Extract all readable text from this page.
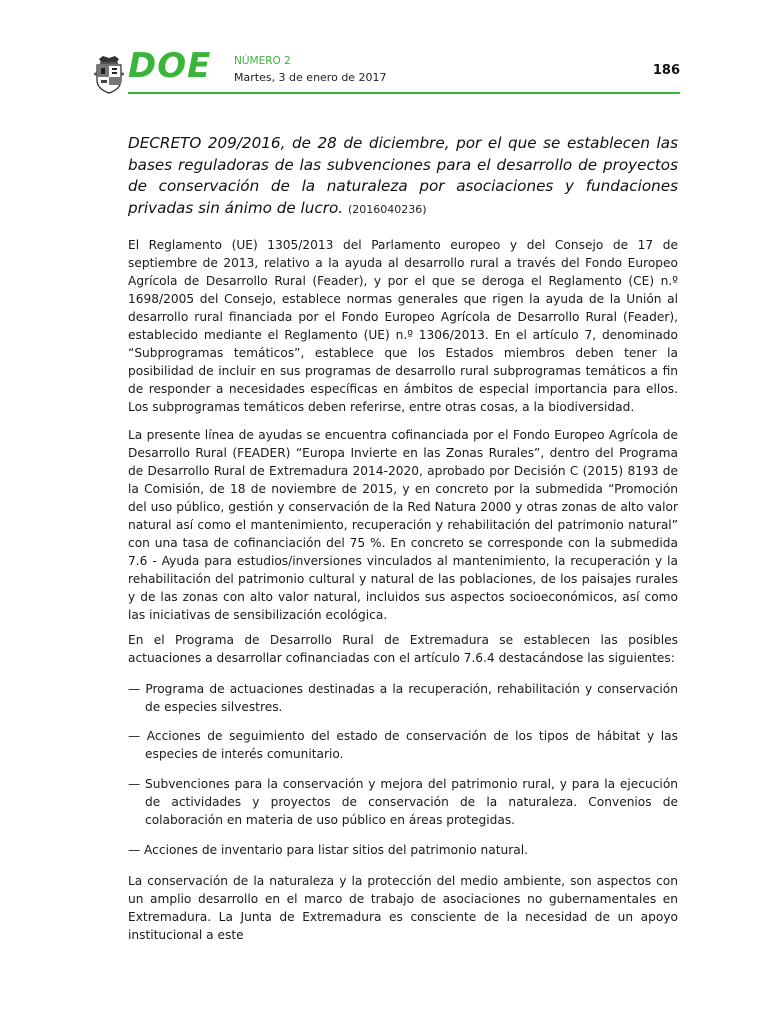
DOE NÚMERO 2
Martes, 3 de enero de 2017	186

DECRETO 209/2016, de 28 de diciembre, por el que se establecen las bases reguladoras de las subvenciones para el desarrollo de proyectos de conservación de la naturaleza por asociaciones y fundaciones privadas sin ánimo de lucro. (2016040236)

El Reglamento (UE) 1305/2013 del Parlamento europeo y del Consejo de 17 de septiembre de 2013, relativo a la ayuda al desarrollo rural a través del Fondo Europeo Agrícola de Desarrollo Rural (Feader), y por el que se deroga el Reglamento (CE) n.º 1698/2005 del Consejo, establece normas generales que rigen la ayuda de la Unión al desarrollo rural financiada por el Fondo Europeo Agrícola de Desarrollo Rural (Feader), establecido mediante el Reglamento (UE) n.º 1306/2013. En el artículo 7, denominado “Subprogramas temáticos”, establece que los Estados miembros deben tener la posibilidad de incluir en sus programas de desarrollo rural subprogramas temáticos a fin de responder a necesidades específicas en ámbitos de especial importancia para ellos. Los subprogramas temáticos deben referirse, entre otras cosas, a la biodiversidad.

La presente línea de ayudas se encuentra cofinanciada por el Fondo Europeo Agrícola de Desarrollo Rural (FEADER) “Europa Invierte en las Zonas Rurales”, dentro del Programa de Desarrollo Rural de Extremadura 2014-2020, aprobado por Decisión C (2015) 8193 de la Comisión, de 18 de noviembre de 2015, y en concreto por la submedida “Promoción del uso público, gestión y conservación de la Red Natura 2000 y otras zonas de alto valor natural así como el mantenimiento, recuperación y rehabilitación del patrimonio natural” con una tasa de cofinanciación del 75 %. En concreto se corresponde con la submedida 7.6 - Ayuda para estudios/inversiones vinculados al mantenimiento, la recuperación y la rehabilitación del patrimonio cultural y natural de las poblaciones, de los paisajes rurales y de las zonas con alto valor natural, incluidos sus aspectos socioeconómicos, así como las iniciativas de sensibilización ecológica.

En el Programa de Desarrollo Rural de Extremadura se establecen las posibles actuaciones a desarrollar cofinanciadas con el artículo 7.6.4 destacándose las siguientes:

— Programa de actuaciones destinadas a la recuperación, rehabilitación y conservación de especies silvestres.

— Acciones de seguimiento del estado de conservación de los tipos de hábitat y las especies de interés comunitario.

— Subvenciones para la conservación y mejora del patrimonio rural, y para la ejecución de actividades y proyectos de conservación de la naturaleza. Convenios de colaboración en materia de uso público en áreas protegidas.

— Acciones de inventario para listar sitios del patrimonio natural.

La conservación de la naturaleza y la protección del medio ambiente, son aspectos con un amplio desarrollo en el marco de trabajo de asociaciones no gubernamentales en Extremadura. La Junta de Extremadura es consciente de la necesidad de un apoyo institucional a este
